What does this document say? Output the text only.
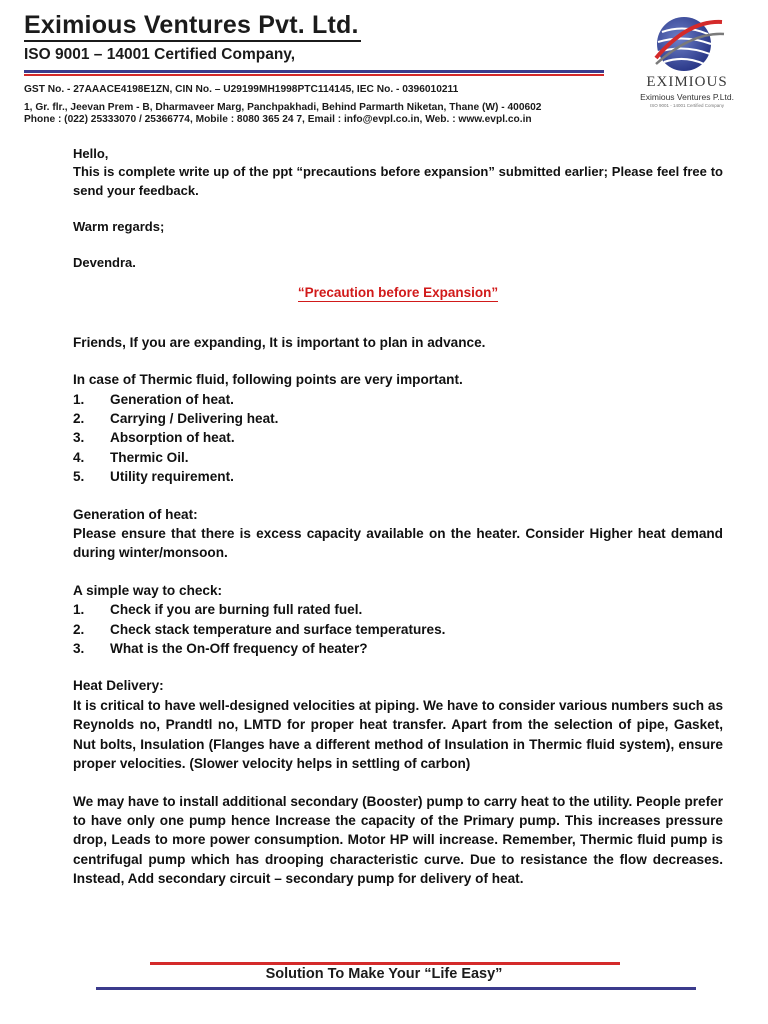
Eximious Ventures Pvt. Ltd.
ISO 9001 – 14001 Certified Company,
GST No. - 27AAACE4198E1ZN, CIN No. – U29199MH1998PTC114145, IEC No. - 0396010211
1, Gr. flr., Jeevan Prem - B, Dharmaveer Marg, Panchpakhadi, Behind Parmarth Niketan, Thane (W) - 400602
Phone : (022) 25333070 / 25366774, Mobile : 8080 365 24 7, Email : info@evpl.co.in, Web. : www.evpl.co.in
EXIMIOUS
Eximious Ventures P.Ltd.
ISO 9001 - 14001 Certified Company

Hello,

This is complete write up of the ppt “precautions before expansion” submitted earlier; Please feel free to send your feedback.

Warm regards;

Devendra.

“Precaution before Expansion”

Friends, If you are expanding, It is important to plan in advance.

In case of Thermic fluid, following points are very important.

1.	Generation of heat.
2.	Carrying / Delivering heat.
3.	Absorption of heat.
4.	Thermic Oil.
5.	Utility requirement.

Generation of heat:

Please ensure that there is excess capacity available on the heater. Consider Higher heat demand during winter/monsoon.

A simple way to check:

1.	Check if you are burning full rated fuel.
2.	Check stack temperature and surface temperatures.
3.	What is the On-Off frequency of heater?

Heat Delivery:

It is critical to have well-designed velocities at piping. We have to consider various numbers such as Reynolds no, Prandtl no, LMTD for proper heat transfer. Apart from the selection of pipe, Gasket, Nut bolts, Insulation (Flanges have a different method of Insulation in Thermic fluid system), ensure proper velocities. (Slower velocity helps in settling of carbon)

We may have to install additional secondary (Booster) pump to carry heat to the utility. People prefer to have only one pump hence Increase the capacity of the Primary pump. This increases pressure drop, Leads to more power consumption. Motor HP will increase. Remember, Thermic fluid pump is centrifugal pump which has drooping characteristic curve. Due to resistance the flow decreases. Instead, Add secondary circuit – secondary pump for delivery of heat.

Solution To Make Your “Life Easy”
